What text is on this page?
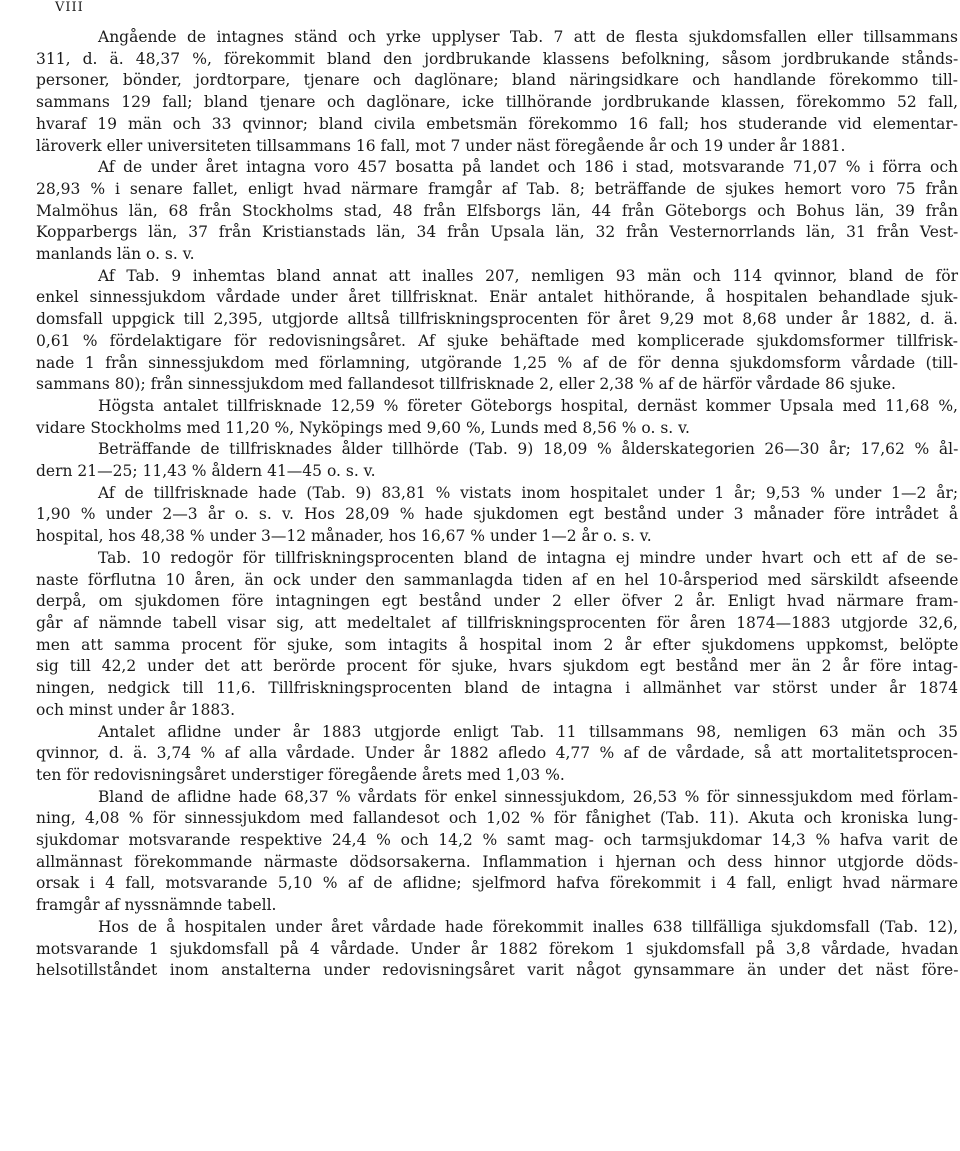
VIII

Angående de intagnes ständ och yrke upplyser Tab. 7 att de flesta sjukdomsfallen eller tillsammans
311, d. ä. 48,37 %, förekommit bland den jordbrukande klassens befolkning, såsom jordbrukande stånds-
personer, bönder, jordtorpare, tjenare och daglönare; bland näringsidkare och handlande förekommo till-
sammans 129 fall; bland tjenare och daglönare, icke tillhörande jordbrukande klassen, förekommo 52 fall,
hvaraf 19 män och 33 qvinnor; bland civila embetsmän förekommo 16 fall; hos studerande vid elementar-
läroverk eller universiteten tillsammans 16 fall, mot 7 under näst föregående år och 19 under år 1881.

Af de under året intagna voro 457 bosatta på landet och 186 i stad, motsvarande 71,07 % i förra och
28,93 % i senare fallet, enligt hvad närmare framgår af Tab. 8; beträffande de sjukes hemort voro 75 från
Malmöhus län, 68 från Stockholms stad, 48 från Elfsborgs län, 44 från Göteborgs och Bohus län, 39 från
Kopparbergs län, 37 från Kristianstads län, 34 från Upsala län, 32 från Vesternorrlands län, 31 från Vest-
manlands län o. s. v.

Af Tab. 9 inhemtas bland annat att inalles 207, nemligen 93 män och 114 qvinnor, bland de för
enkel sinnessjukdom vårdade under året tillfrisknat. Enär antalet hithörande, å hospitalen behandlade sjuk-
domsfall uppgick till 2,395, utgjorde alltså tillfriskningsprocenten för året 9,29 mot 8,68 under år 1882, d. ä.
0,61 % fördelaktigare för redovisningsåret. Af sjuke behäftade med komplicerade sjukdomsformer tillfrisk-
nade 1 från sinnessjukdom med förlamning, utgörande 1,25 % af de för denna sjukdomsform vårdade (till-
sammans 80); från sinnessjukdom med fallandesot tillfrisknade 2, eller 2,38 % af de härför vårdade 86 sjuke.

Högsta antalet tillfrisknade 12,59 % företer Göteborgs hospital, dernäst kommer Upsala med 11,68 %,
vidare Stockholms med 11,20 %, Nyköpings med 9,60 %, Lunds med 8,56 % o. s. v.

Beträffande de tillfrisknades ålder tillhörde (Tab. 9) 18,09 % ålderskategorien 26—30 år; 17,62 % ål-
dern 21—25; 11,43 % åldern 41—45 o. s. v.

Af de tillfrisknade hade (Tab. 9) 83,81 % vistats inom hospitalet under 1 år; 9,53 % under 1—2 år;
1,90 % under 2—3 år o. s. v. Hos 28,09 % hade sjukdomen egt bestånd under 3 månader före intrådet å
hospital, hos 48,38 % under 3—12 månader, hos 16,67 % under 1—2 år o. s. v.

Tab. 10 redogör för tillfriskningsprocenten bland de intagna ej mindre under hvart och ett af de se-
naste förflutna 10 åren, än ock under den sammanlagda tiden af en hel 10-årsperiod med särskildt afseende
derpå, om sjukdomen före intagningen egt bestånd under 2 eller öfver 2 år. Enligt hvad närmare fram-
går af nämnde tabell visar sig, att medeltalet af tillfriskningsprocenten för åren 1874—1883 utgjorde 32,6,
men att samma procent för sjuke, som intagits å hospital inom 2 år efter sjukdomens uppkomst, belöpte
sig till 42,2 under det att berörde procent för sjuke, hvars sjukdom egt bestånd mer än 2 år före intag-
ningen, nedgick till 11,6. Tillfriskningsprocenten bland de intagna i allmänhet var störst under år 1874
och minst under år 1883.

Antalet aflidne under år 1883 utgjorde enligt Tab. 11 tillsammans 98, nemligen 63 män och 35
qvinnor, d. ä. 3,74 % af alla vårdade. Under år 1882 afledo 4,77 % af de vårdade, så att mortalitetsprocen-
ten för redovisningsåret understiger föregående årets med 1,03 %.

Bland de aflidne hade 68,37 % vårdats för enkel sinnessjukdom, 26,53 % för sinnessjukdom med förlam-
ning, 4,08 % för sinnessjukdom med fallandesot och 1,02 % för fånighet (Tab. 11). Akuta och kroniska lung-
sjukdomar motsvarande respektive 24,4 % och 14,2 % samt mag- och tarmsjukdomar 14,3 % hafva varit de
allmännast förekommande närmaste dödsorsakerna. Inflammation i hjernan och dess hinnor utgjorde döds-
orsak i 4 fall, motsvarande 5,10 % af de aflidne; sjelfmord hafva förekommit i 4 fall, enligt hvad närmare
framgår af nyssnämnde tabell.

Hos de å hospitalen under året vårdade hade förekommit inalles 638 tillfälliga sjukdomsfall (Tab. 12),
motsvarande 1 sjukdomsfall på 4 vårdade. Under år 1882 förekom 1 sjukdomsfall på 3,8 vårdade, hvadan
helsotillståndet inom anstalterna under redovisningsåret varit något gynsammare än under det näst före-
